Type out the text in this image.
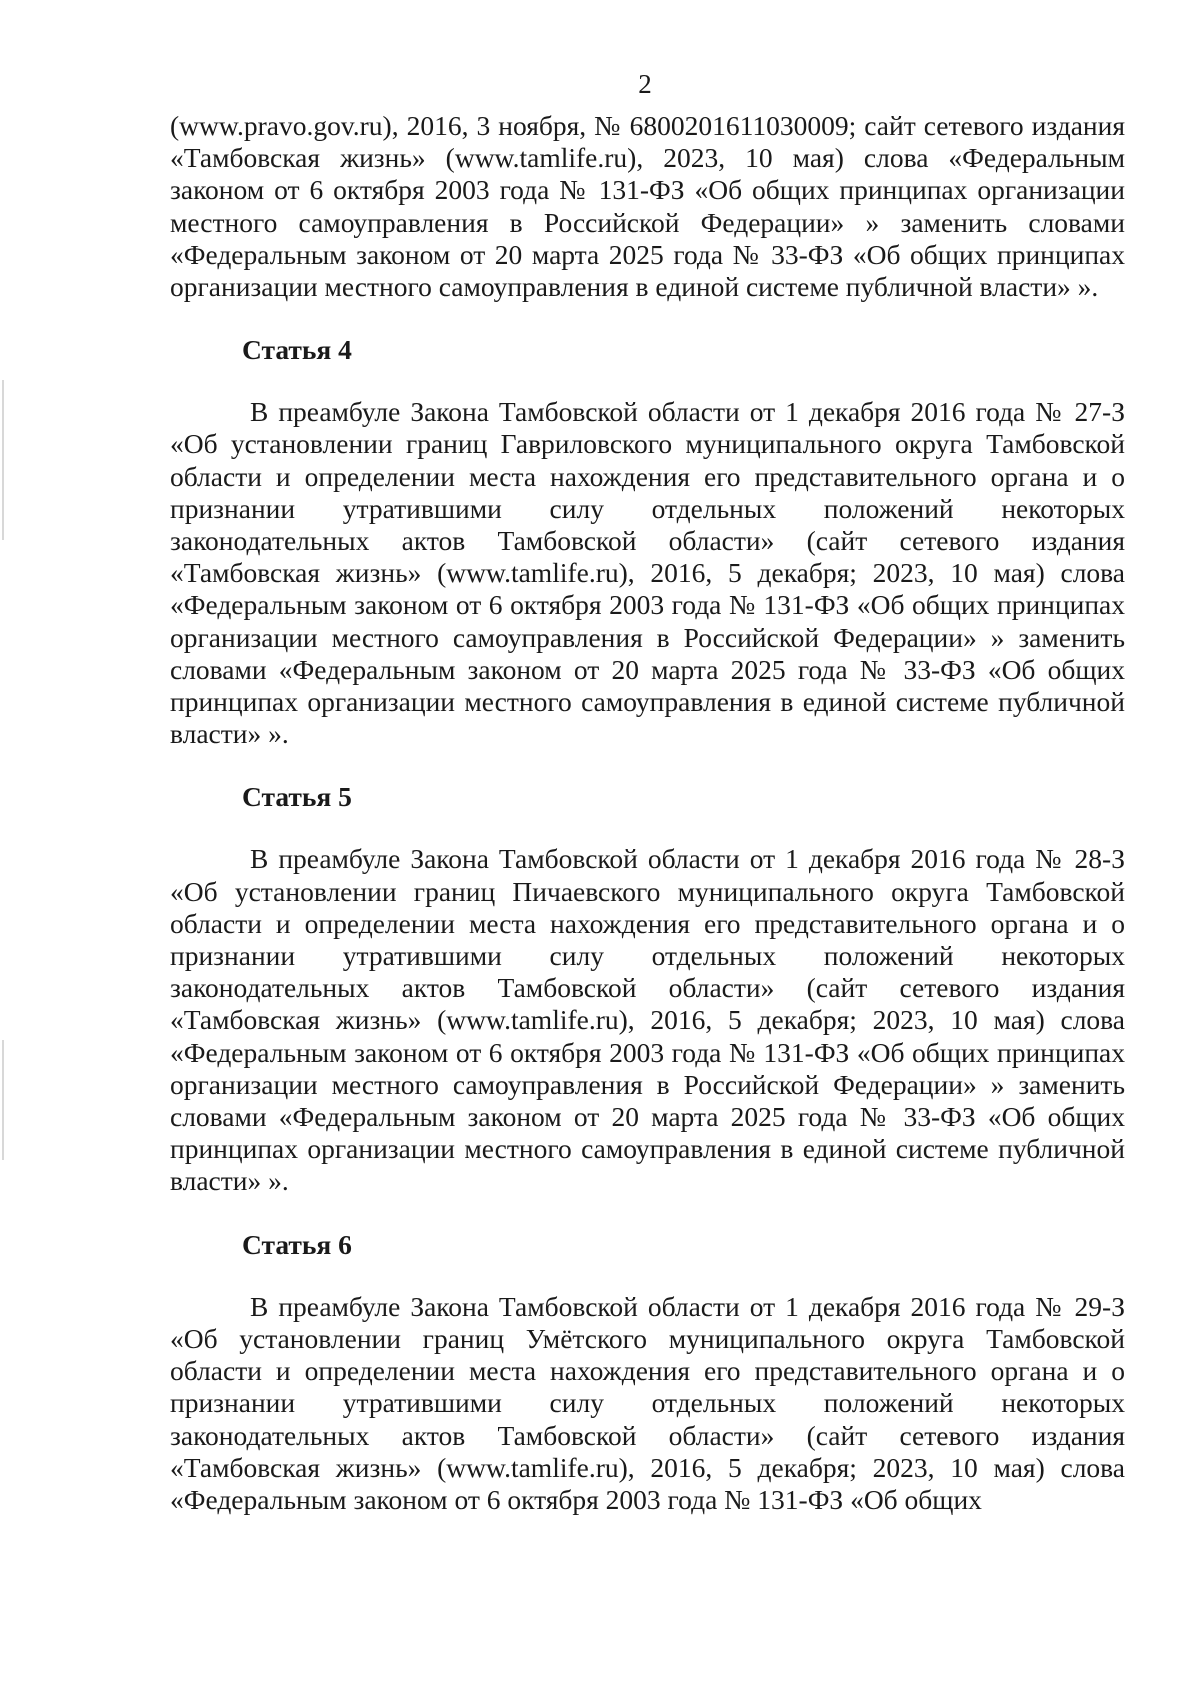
2

(www.pravo.gov.ru), 2016, 3 ноября, № 6800201611030009; сайт сетевого издания «Тамбовская жизнь» (www.tamlife.ru), 2023, 10 мая) слова «Федеральным законом от 6 октября 2003 года № 131-ФЗ «Об общих принципах организации местного самоуправления в Российской Федерации» » заменить словами «Федеральным законом от 20 марта 2025 года № 33-ФЗ «Об общих принципах организации местного самоуправления в единой системе публичной власти» ».

Статья 4

В преамбуле Закона Тамбовской области от 1 декабря 2016 года № 27-З «Об установлении границ Гавриловского муниципального округа Тамбовской области и определении места нахождения его представительного органа и о признании утратившими силу отдельных положений некоторых законодательных актов Тамбовской области» (сайт сетевого издания «Тамбовская жизнь» (www.tamlife.ru), 2016, 5 декабря; 2023, 10 мая) слова «Федеральным законом от 6 октября 2003 года № 131-ФЗ «Об общих принципах организации местного самоуправления в Российской Федерации» » заменить словами «Федеральным законом от 20 марта 2025 года № 33-ФЗ «Об общих принципах организации местного самоуправления в единой системе публичной власти» ».

Статья 5

В преамбуле Закона Тамбовской области от 1 декабря 2016 года № 28-З «Об установлении границ Пичаевского муниципального округа Тамбовской области и определении места нахождения его представительного органа и о признании утратившими силу отдельных положений некоторых законодательных актов Тамбовской области» (сайт сетевого издания «Тамбовская жизнь» (www.tamlife.ru), 2016, 5 декабря; 2023, 10 мая) слова «Федеральным законом от 6 октября 2003 года № 131-ФЗ «Об общих принципах организации местного самоуправления в Российской Федерации» » заменить словами «Федеральным законом от 20 марта 2025 года № 33-ФЗ «Об общих принципах организации местного самоуправления в единой системе публичной власти» ».

Статья 6

В преамбуле Закона Тамбовской области от 1 декабря 2016 года № 29-З «Об установлении границ Умётского муниципального округа Тамбовской области и определении места нахождения его представительного органа и о признании утратившими силу отдельных положений некоторых законодательных актов Тамбовской области» (сайт сетевого издания «Тамбовская жизнь» (www.tamlife.ru), 2016, 5 декабря; 2023, 10 мая) слова «Федеральным законом от 6 октября 2003 года № 131-ФЗ «Об общих
